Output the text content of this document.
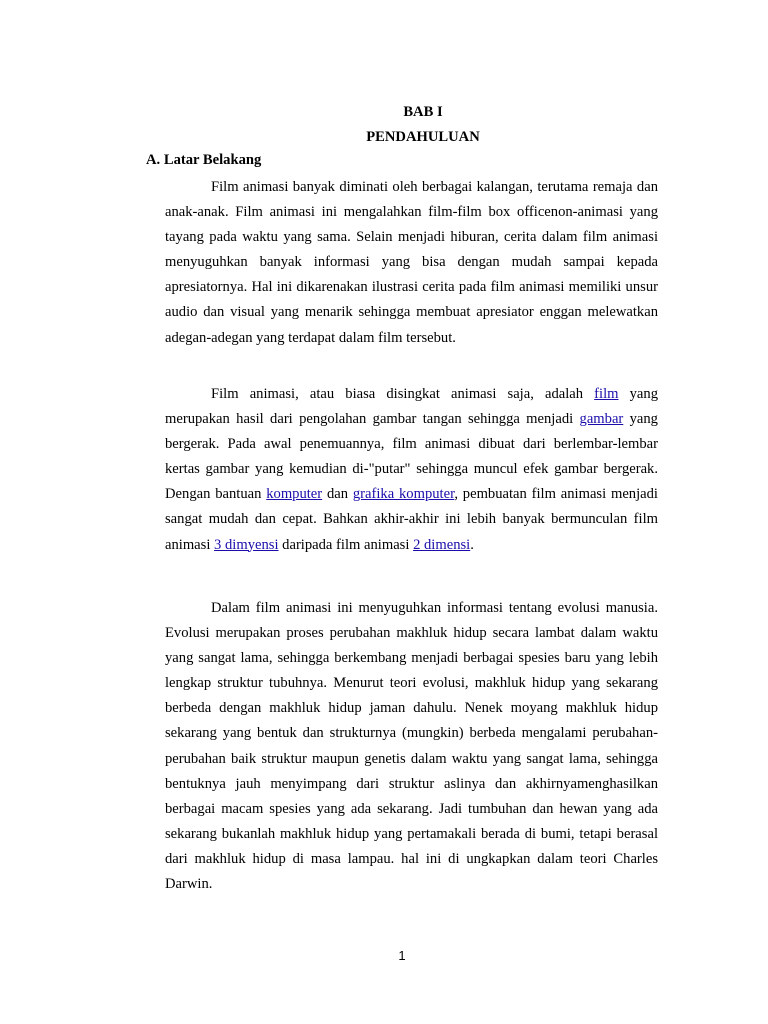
BAB I
PENDAHULUAN
A. Latar Belakang

Film animasi banyak diminati oleh berbagai kalangan, terutama remaja dan anak-anak. Film animasi ini mengalahkan film-film box officenon-animasi yang tayang pada waktu yang sama. Selain menjadi hiburan, cerita dalam film animasi menyuguhkan banyak informasi yang bisa dengan mudah sampai kepada apresiatornya. Hal ini dikarenakan ilustrasi cerita pada film animasi memiliki unsur audio dan visual yang menarik sehingga membuat apresiator enggan melewatkan adegan-adegan yang terdapat dalam film tersebut.

Film animasi, atau biasa disingkat animasi saja, adalah film yang merupakan hasil dari pengolahan gambar tangan sehingga menjadi gambar yang bergerak. Pada awal penemuannya, film animasi dibuat dari berlembar-lembar kertas gambar yang kemudian di-"putar" sehingga muncul efek gambar bergerak. Dengan bantuan komputer dan grafika komputer, pembuatan film animasi menjadi sangat mudah dan cepat. Bahkan akhir-akhir ini lebih banyak bermunculan film animasi 3 dimyensi daripada film animasi 2 dimensi.

Dalam film animasi ini menyuguhkan informasi tentang evolusi manusia. Evolusi merupakan proses perubahan makhluk hidup secara lambat dalam waktu yang sangat lama, sehingga berkembang menjadi berbagai spesies baru yang lebih lengkap struktur tubuhnya. Menurut teori evolusi, makhluk hidup yang sekarang berbeda dengan makhluk hidup jaman dahulu. Nenek moyang makhluk hidup sekarang yang bentuk dan strukturnya (mungkin) berbeda mengalami perubahan-perubahan baik struktur maupun genetis dalam waktu yang sangat lama, sehingga bentuknya jauh menyimpang dari struktur aslinya dan akhirnyamenghasilkan berbagai macam spesies yang ada sekarang. Jadi tumbuhan dan hewan yang ada sekarang bukanlah makhluk hidup yang pertamakali berada di bumi, tetapi berasal dari makhluk hidup di masa lampau. hal ini di ungkapkan dalam teori Charles Darwin.

1
